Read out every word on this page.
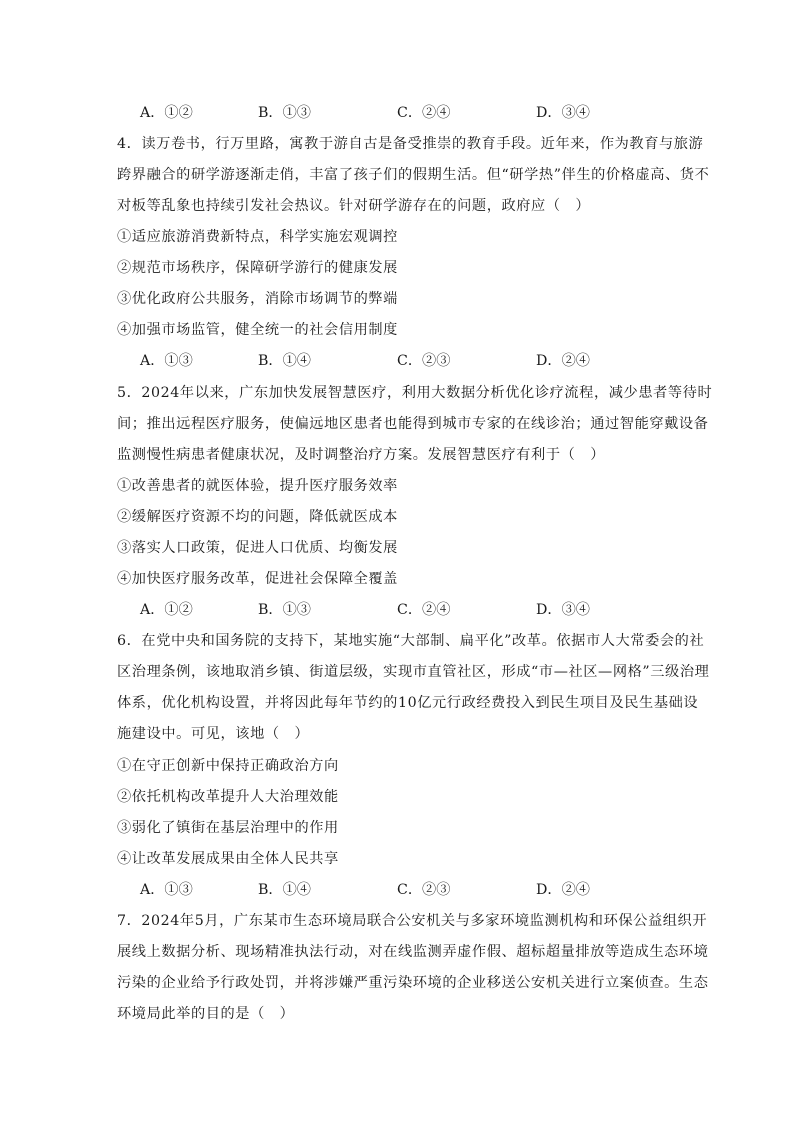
A．①②	B．①③	C．②④	D．③④
4．读万卷书，行万里路，寓教于游自古是备受推崇的教育手段。近年来，作为教育与旅游
跨界融合的研学游逐渐走俏，丰富了孩子们的假期生活。但“研学热”伴生的价格虚高、货不
对板等乱象也持续引发社会热议。针对研学游存在的问题，政府应（　）
①适应旅游消费新特点，科学实施宏观调控
②规范市场秩序，保障研学游行的健康发展
③优化政府公共服务，消除市场调节的弊端
④加强市场监管，健全统一的社会信用制度
A．①③	B．①④	C．②③	D．②④
5．2024年以来，广东加快发展智慧医疗，利用大数据分析优化诊疗流程，减少患者等待时
间；推出远程医疗服务，使偏远地区患者也能得到城市专家的在线诊治；通过智能穿戴设备
监测慢性病患者健康状况，及时调整治疗方案。发展智慧医疗有利于（　）
①改善患者的就医体验，提升医疗服务效率
②缓解医疗资源不均的问题，降低就医成本
③落实人口政策，促进人口优质、均衡发展
④加快医疗服务改革，促进社会保障全覆盖
A．①②	B．①③	C．②④	D．③④
6．在党中央和国务院的支持下，某地实施“大部制、扁平化”改革。依据市人大常委会的社
区治理条例，该地取消乡镇、街道层级，实现市直管社区，形成“市—社区—网格”三级治理
体系，优化机构设置，并将因此每年节约的10亿元行政经费投入到民生项目及民生基础设
施建设中。可见，该地（　）
①在守正创新中保持正确政治方向
②依托机构改革提升人大治理效能
③弱化了镇街在基层治理中的作用
④让改革发展成果由全体人民共享
A．①③	B．①④	C．②③	D．②④
7．2024年5月，广东某市生态环境局联合公安机关与多家环境监测机构和环保公益组织开
展线上数据分析、现场精准执法行动，对在线监测弄虚作假、超标超量排放等造成生态环境
污染的企业给予行政处罚，并将涉嫌严重污染环境的企业移送公安机关进行立案侦查。生态
环境局此举的目的是（　）
